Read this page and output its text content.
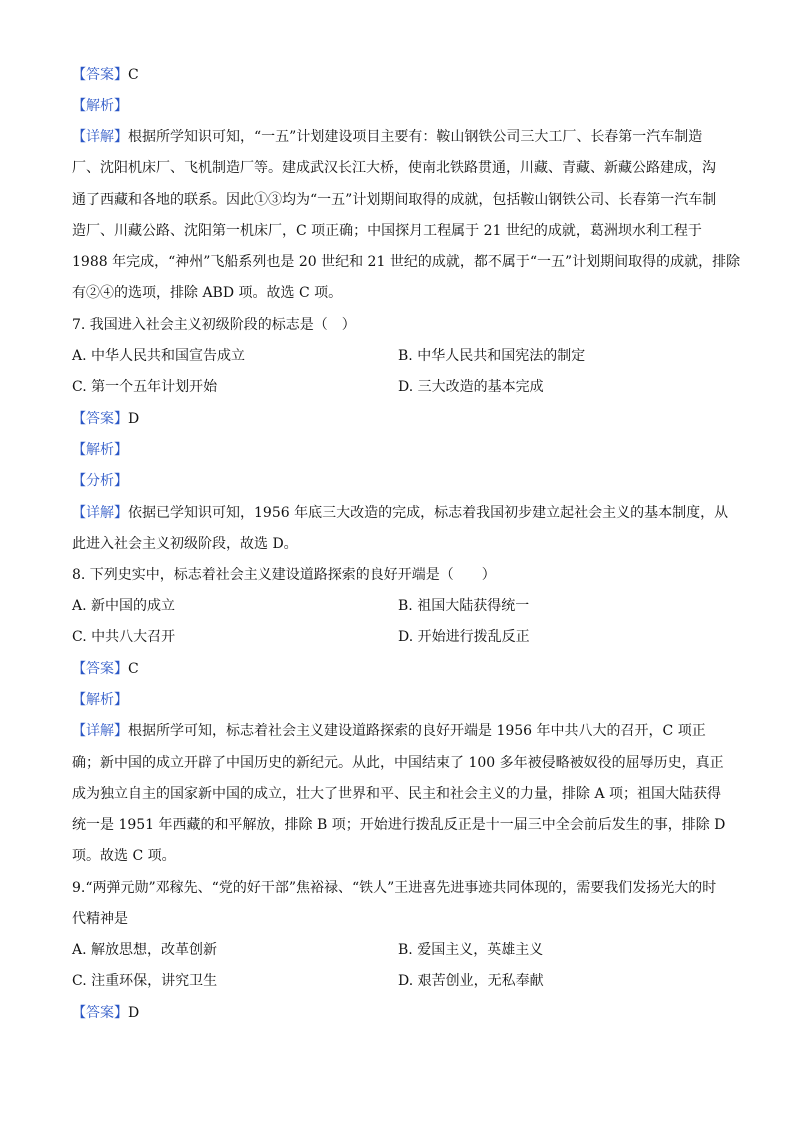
【答案】C
【解析】
【详解】根据所学知识可知，“一五”计划建设项目主要有：鞍山钢铁公司三大工厂、长春第一汽车制造
厂、沈阳机床厂、飞机制造厂等。建成武汉长江大桥，使南北铁路贯通，川藏、青藏、新藏公路建成，沟
通了西藏和各地的联系。因此①③均为“一五”计划期间取得的成就，包括鞍山钢铁公司、长春第一汽车制
造厂、川藏公路、沈阳第一机床厂，C 项正确；中国探月工程属于 21 世纪的成就，葛洲坝水利工程于
1988 年完成，“神州”飞船系列也是 20 世纪和 21 世纪的成就，都不属于“一五”计划期间取得的成就，排除
有②④的选项，排除 ABD 项。故选 C 项。
7. 我国进入社会主义初级阶段的标志是（　）
A. 中华人民共和国宣告成立	B. 中华人民共和国宪法的制定
C. 第一个五年计划开始	D. 三大改造的基本完成
【答案】D
【解析】
【分析】
【详解】依据已学知识可知，1956 年底三大改造的完成，标志着我国初步建立起社会主义的基本制度，从
此进入社会主义初级阶段，故选 D。
8. 下列史实中，标志着社会主义建设道路探索的良好开端是（　　）
A. 新中国的成立	B. 祖国大陆获得统一
C. 中共八大召开	D. 开始进行拨乱反正
【答案】C
【解析】
【详解】根据所学可知，标志着社会主义建设道路探索的良好开端是 1956 年中共八大的召开，C 项正
确；新中国的成立开辟了中国历史的新纪元。从此，中国结束了 100 多年被侵略被奴役的屈辱历史，真正
成为独立自主的国家新中国的成立，壮大了世界和平、民主和社会主义的力量，排除 A 项；祖国大陆获得
统一是 1951 年西藏的和平解放，排除 B 项；开始进行拨乱反正是十一届三中全会前后发生的事，排除 D
项。故选 C 项。
9.“两弹元勋”邓稼先、“党的好干部”焦裕禄、“铁人”王进喜先进事迹共同体现的，需要我们发扬光大的时
代精神是
A. 解放思想，改革创新	B. 爱国主义，英雄主义
C. 注重环保，讲究卫生	D. 艰苦创业，无私奉献
【答案】D
